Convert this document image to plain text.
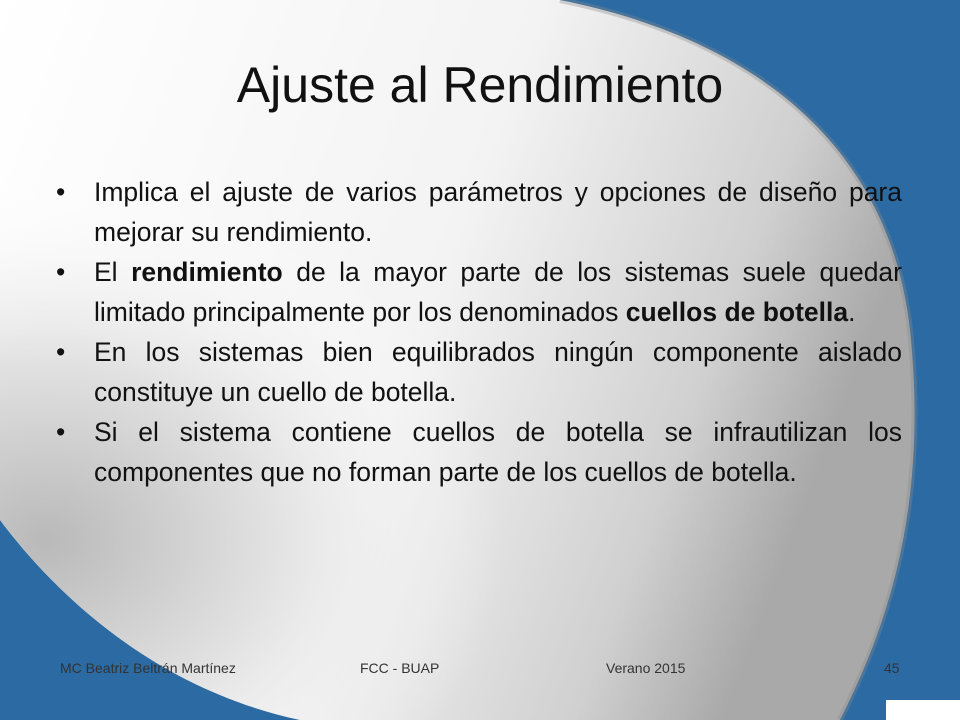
Ajuste al Rendimiento
•	Implica el ajuste de varios parámetros y opciones de diseño para mejorar su rendimiento.
•	El rendimiento de la mayor parte de los sistemas suele quedar limitado principalmente por los denominados cuellos de botella.
•	En los sistemas bien equilibrados ningún componente aislado constituye un cuello de botella.
•	Si el sistema contiene cuellos de botella se infrautilizan los componentes que no forman parte de los cuellos de botella.
MC Beatriz Beltrán Martínez	FCC - BUAP	Verano 2015	45
